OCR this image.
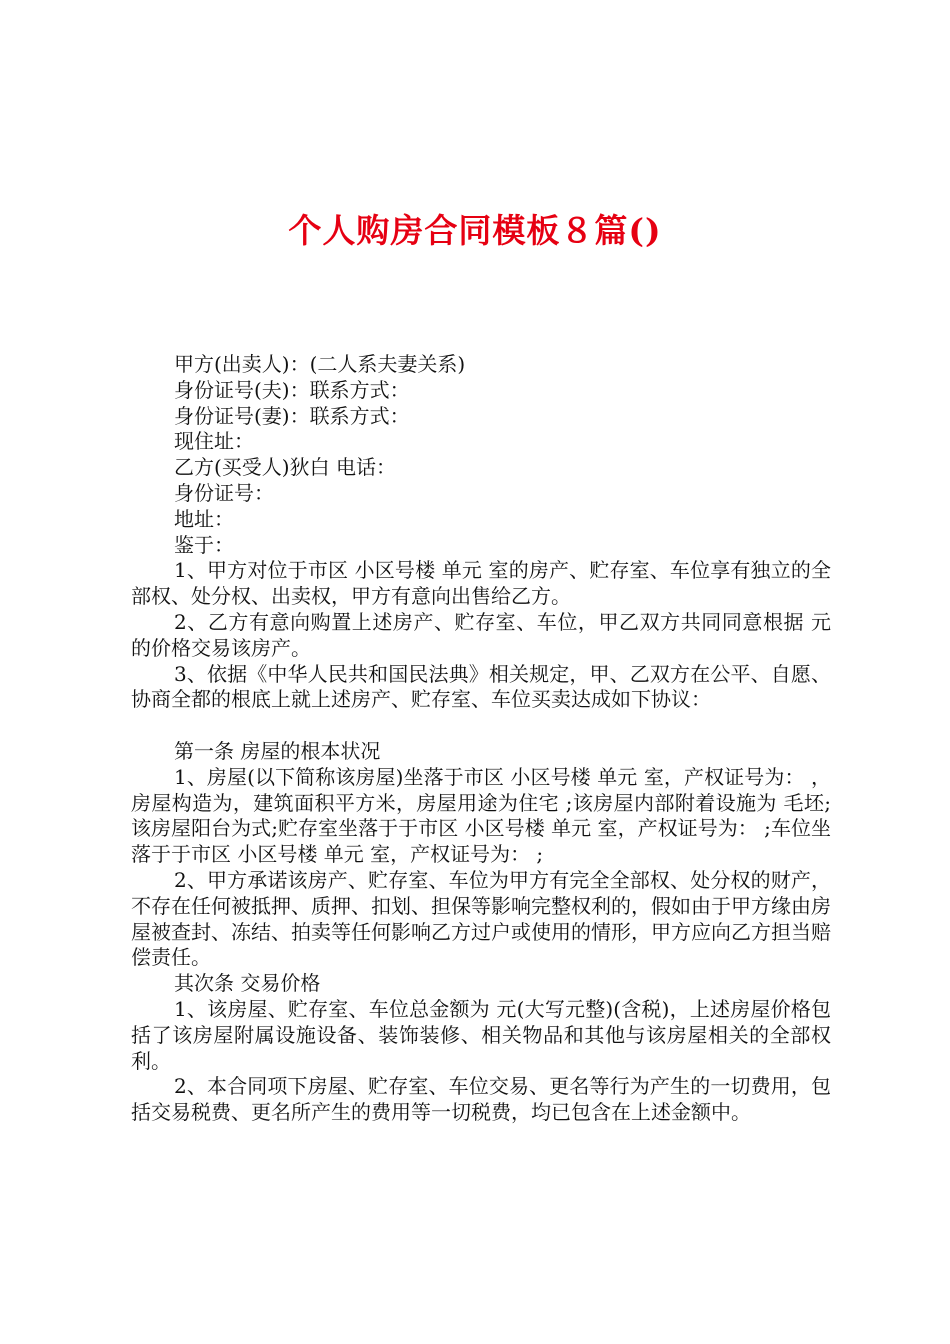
个人购房合同模板８篇()

甲方(出卖人)：(二人系夫妻关系)

身份证号(夫)：联系方式：

身份证号(妻)：联系方式：

现住址：

乙方(买受人)狄白 电话：

身份证号：

地址：

鉴于：

1、甲方对位于市区 小区号楼 单元 室的房产、贮存室、车位享有独立的全部权、处分权、出卖权，甲方有意向出售给乙方。

2、乙方有意向购置上述房产、贮存室、车位，甲乙双方共同同意根据 元的价格交易该房产。

3、依据《中华人民共和国民法典》相关规定，甲、乙双方在公平、自愿、协商全都的根底上就上述房产、贮存室、车位买卖达成如下协议：

第一条 房屋的根本状况

1、房屋(以下简称该房屋)坐落于市区 小区号楼 单元 室，产权证号为： ，房屋构造为，建筑面积平方米，房屋用途为住宅 ;该房屋内部附着设施为 毛坯;该房屋阳台为式;贮存室坐落于于市区 小区号楼 单元 室，产权证号为： ;车位坐落于于市区 小区号楼 单元 室，产权证号为： ;

2、甲方承诺该房产、贮存室、车位为甲方有完全全部权、处分权的财产，不存在任何被抵押、质押、扣划、担保等影响完整权利的，假如由于甲方缘由房屋被查封、冻结、拍卖等任何影响乙方过户或使用的情形，甲方应向乙方担当赔偿责任。

其次条 交易价格

1、该房屋、贮存室、车位总金额为 元(大写元整)(含税)，上述房屋价格包括了该房屋附属设施设备、装饰装修、相关物品和其他与该房屋相关的全部权利。

2、本合同项下房屋、贮存室、车位交易、更名等行为产生的一切费用，包括交易税费、更名所产生的费用等一切税费，均已包含在上述金额中。
